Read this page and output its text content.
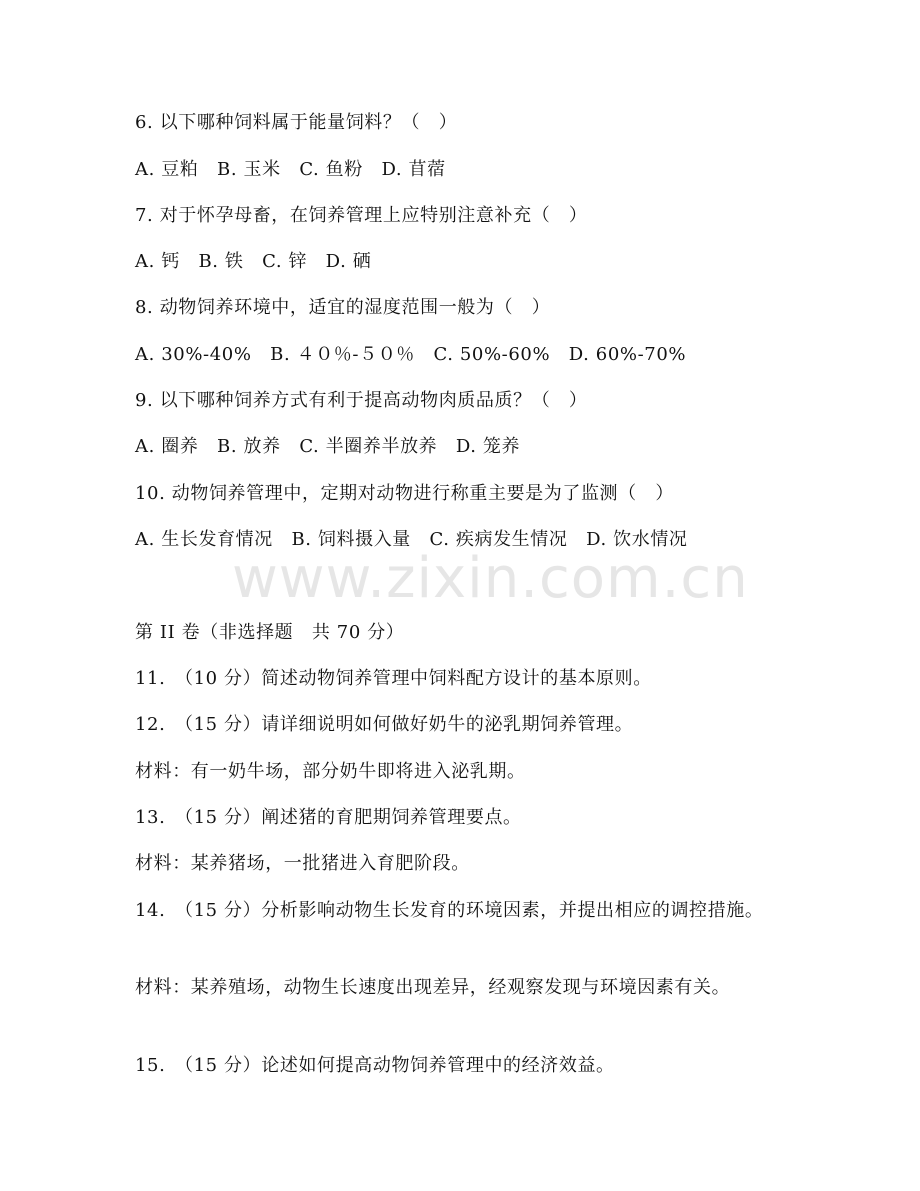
6. 以下哪种饲料属于能量饲料？（　）
A. 豆粕　B. 玉米　C. 鱼粉　D. 苜蓿
7. 对于怀孕母畜，在饲养管理上应特别注意补充（　）
A. 钙　B. 铁　C. 锌　D. 硒
8. 动物饲养环境中，适宜的湿度范围一般为（　）
A. 30%-40%　B. ４０％-５０％　C. 50%-60%　D. 60%-70%
9. 以下哪种饲养方式有利于提高动物肉质品质？（　）
A. 圈养　B. 放养　C. 半圈养半放养　D. 笼养
10. 动物饲养管理中，定期对动物进行称重主要是为了监测（　）
A. 生长发育情况　B. 饲料摄入量　C. 疾病发生情况　D. 饮水情况
www.zixin.com.cn
第 II 卷（非选择题　共 70 分）
11.　（10 分）简述动物饲养管理中饲料配方设计的基本原则。
12.　（15 分）请详细说明如何做好奶牛的泌乳期饲养管理。
材料：有一奶牛场，部分奶牛即将进入泌乳期。
13.　（15 分）阐述猪的育肥期饲养管理要点。
材料：某养猪场，一批猪进入育肥阶段。
14.　（15 分）分析影响动物生长发育的环境因素，并提出相应的调控措施。
材料：某养殖场，动物生长速度出现差异，经观察发现与环境因素有关。
15.　（15 分）论述如何提高动物饲养管理中的经济效益。
